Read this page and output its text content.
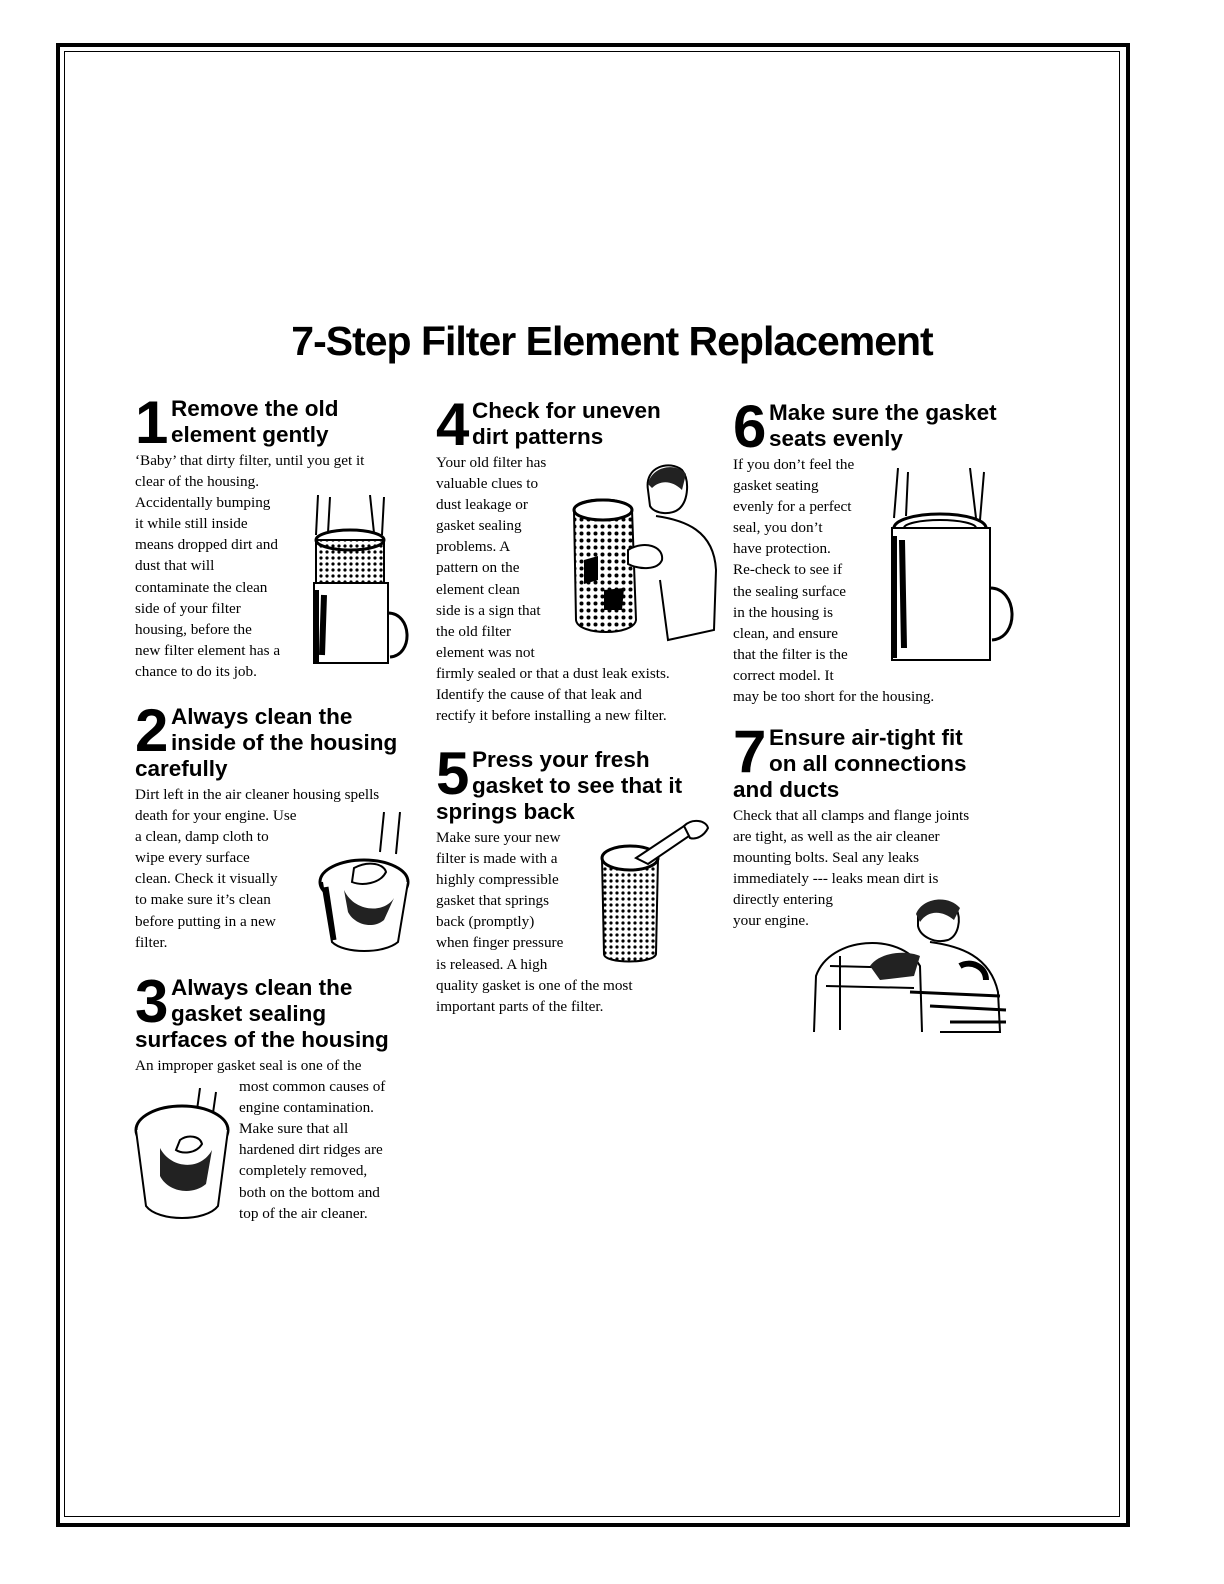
7-Step Filter Element Replacement
1 Remove the old
element gently
‘Baby’ that dirty filter, until you get it
clear of the housing.
Accidentally bumping
it while still inside
means dropped dirt and
dust that will
contaminate the clean
side of your filter
housing, before the
new filter element has a
chance to do its job.
2 Always clean the
inside of the housing
carefully
Dirt left in the air cleaner housing spells
death for your engine. Use
a clean, damp cloth to
wipe every surface
clean. Check it visually
to make sure it’s clean
before putting in a new
filter.
3 Always clean the
gasket sealing
surfaces of the housing
An improper gasket seal is one of the
most common causes of
engine contamination.
Make sure that all
hardened dirt ridges are
completely removed,
both on the bottom and
top of the air cleaner.
4 Check for uneven
dirt patterns
Your old filter has
valuable clues to
dust leakage or
gasket sealing
problems. A
pattern on the
element clean
side is a sign that
the old filter
element was not
firmly sealed or that a dust leak exists.
Identify the cause of that leak and
rectify it before installing a new filter.
5 Press your fresh
gasket to see that it
springs back
Make sure your new
filter is made with a
highly compressible
gasket that springs
back (promptly)
when finger pressure
is released. A high
quality gasket is one of the most
important parts of the filter.
6 Make sure the gasket
seats evenly
If you don’t feel the
gasket seating
evenly for a perfect
seal, you don’t
have protection.
Re-check to see if
the sealing surface
in the housing is
clean, and ensure
that the filter is the
correct model. It
may be too short for the housing.
7 Ensure air-tight fit
on all connections
and ducts
Check that all clamps and flange joints
are tight, as well as the air cleaner
mounting bolts. Seal any leaks
immediately --- leaks mean dirt is
directly entering
your engine.
